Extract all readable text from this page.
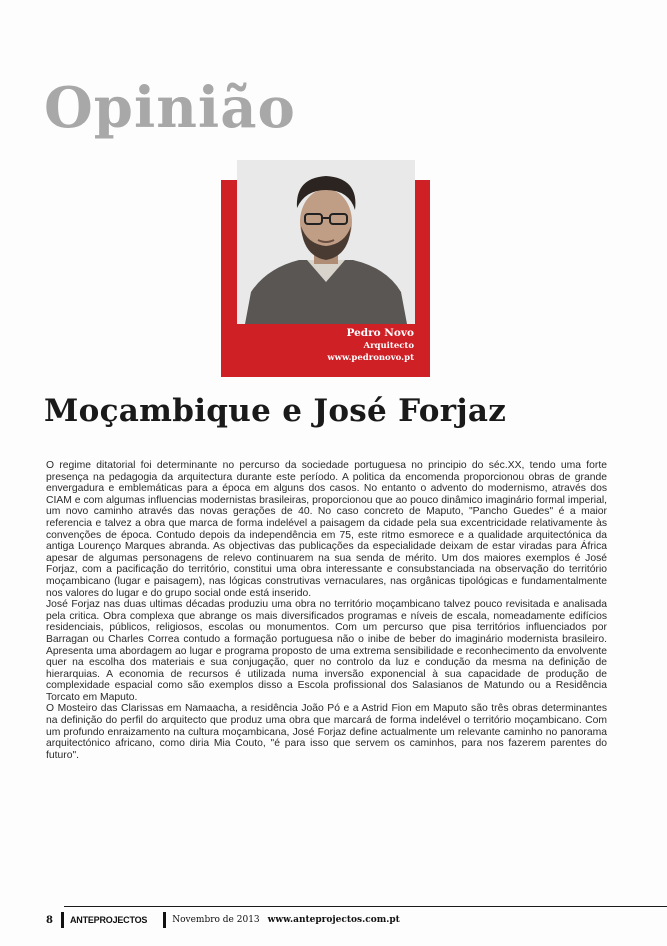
Opinião
Pedro Novo
Arquitecto
www.pedronovo.pt
Moçambique e José Forjaz

O regime ditatorial foi determinante no percurso da sociedade portuguesa no principio do séc.XX, tendo uma forte presença na pedagogia da arquitectura durante este período. A politica da encomenda proporcionou obras de grande envergadura e emblemáticas para a época em alguns dos casos. No entanto o advento do modernismo, através dos CIAM e com algumas influencias modernistas brasileiras, proporcionou que ao pouco dinâmico imaginário formal imperial, um novo caminho através das novas gerações de 40. No caso concreto de Maputo, "Pancho Guedes" é a maior referencia e talvez a obra que marca de forma indelével a paisagem da cidade pela sua excentricidade relativamente às convenções de época. Contudo depois da independência em 75, este ritmo esmorece e a qualidade arquitectónica da antiga Lourenço Marques abranda. As objectivas das publicações da especialidade deixam de estar viradas para África apesar de algumas personagens de relevo continuarem na sua senda de mérito. Um dos maiores exemplos é José Forjaz, com a pacificação do território, constitui uma obra interessante e consubstanciada na observação do território moçambicano (lugar e paisagem), nas lógicas construtivas vernaculares, nas orgânicas tipológicas e fundamentalmente nos valores do lugar e do grupo social onde está inserido.

José Forjaz nas duas ultimas décadas produziu uma obra no território moçambicano talvez pouco revisitada e analisada pela critica. Obra complexa que abrange os mais diversificados programas e níveis de escala, nomeadamente edifícios residenciais, públicos, religiosos, escolas ou monumentos. Com um percurso que pisa territórios influenciados por Barragan ou Charles Correa contudo a formação portuguesa não o inibe de beber do imaginário modernista brasileiro. Apresenta uma abordagem ao lugar e programa proposto de uma extrema sensibilidade e reconhecimento da envolvente quer na escolha dos materiais e sua conjugação, quer no controlo da luz e condução da mesma na definição de hierarquias. A economia de recursos é utilizada numa inversão exponencial à sua capacidade de produção de complexidade espacial como são exemplos disso a Escola profissional dos Salasianos de Matundo ou a Residência Torcato em Maputo.

O Mosteiro das Clarissas em Namaacha, a residência João Pó e a Astrid Fion em Maputo são três obras determinantes na definição do perfil do arquitecto que produz uma obra que marcará de forma indelével o território moçambicano. Com um profundo enraizamento na cultura moçambicana, José Forjaz define actualmente um relevante caminho no panorama arquitectónico africano, como diria Mia Couto, "é para isso que servem os caminhos, para nos fazerem parentes do futuro".

8 ANTEPROJECTOS	Novembro de 2013 www.anteprojectos.com.pt
